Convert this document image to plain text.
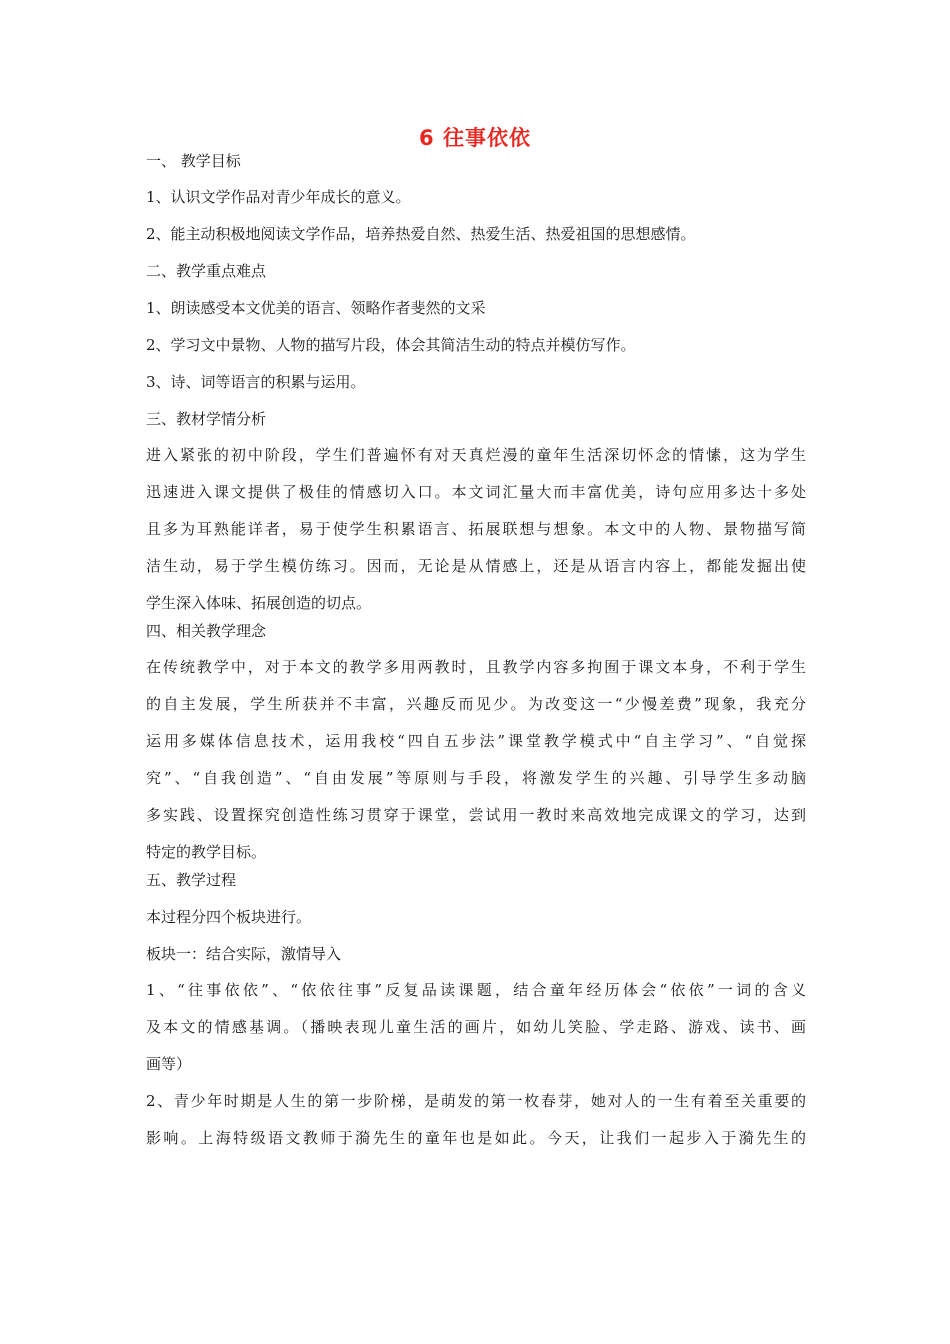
6 往事依依
一、 教学目标
1、认识文学作品对青少年成长的意义。
2、能主动积极地阅读文学作品，培养热爱自然、热爱生活、热爱祖国的思想感情。
二、教学重点难点
1、朗读感受本文优美的语言、领略作者斐然的文采
2、学习文中景物、人物的描写片段，体会其简洁生动的特点并模仿写作。
3、诗、词等语言的积累与运用。
三、教材学情分析
进入紧张的初中阶段，学生们普遍怀有对天真烂漫的童年生活深切怀念的情愫，这为学生
迅速进入课文提供了极佳的情感切入口。本文词汇量大而丰富优美，诗句应用多达十多处
且多为耳熟能详者，易于使学生积累语言、拓展联想与想象。本文中的人物、景物描写简
洁生动，易于学生模仿练习。因而，无论是从情感上，还是从语言内容上，都能发掘出使
学生深入体味、拓展创造的切点。
四、相关教学理念
在传统教学中，对于本文的教学多用两教时，且教学内容多拘囿于课文本身，不利于学生
的自主发展，学生所获并不丰富，兴趣反而见少。为改变这一“少慢差费”现象，我充分
运用多媒体信息技术，运用我校“四自五步法”课堂教学模式中“自主学习”、“自觉探
究”、“自我创造”、“自由发展”等原则与手段，将激发学生的兴趣、引导学生多动脑
多实践、设置探究创造性练习贯穿于课堂，尝试用一教时来高效地完成课文的学习，达到
特定的教学目标。
五、教学过程
本过程分四个板块进行。
板块一：结合实际，激情导入
1、“往事依依”、“依依往事”反复品读课题，结合童年经历体会“依依”一词的含义
及本文的情感基调。（播映表现儿童生活的画片，如幼儿笑脸、学走路、游戏、读书、画
画等）
2、青少年时期是人生的第一步阶梯，是萌发的第一枚春芽，她对人的一生有着至关重要的
影响。上海特级语文教师于漪先生的童年也是如此。今天，让我们一起步入于漪先生的
